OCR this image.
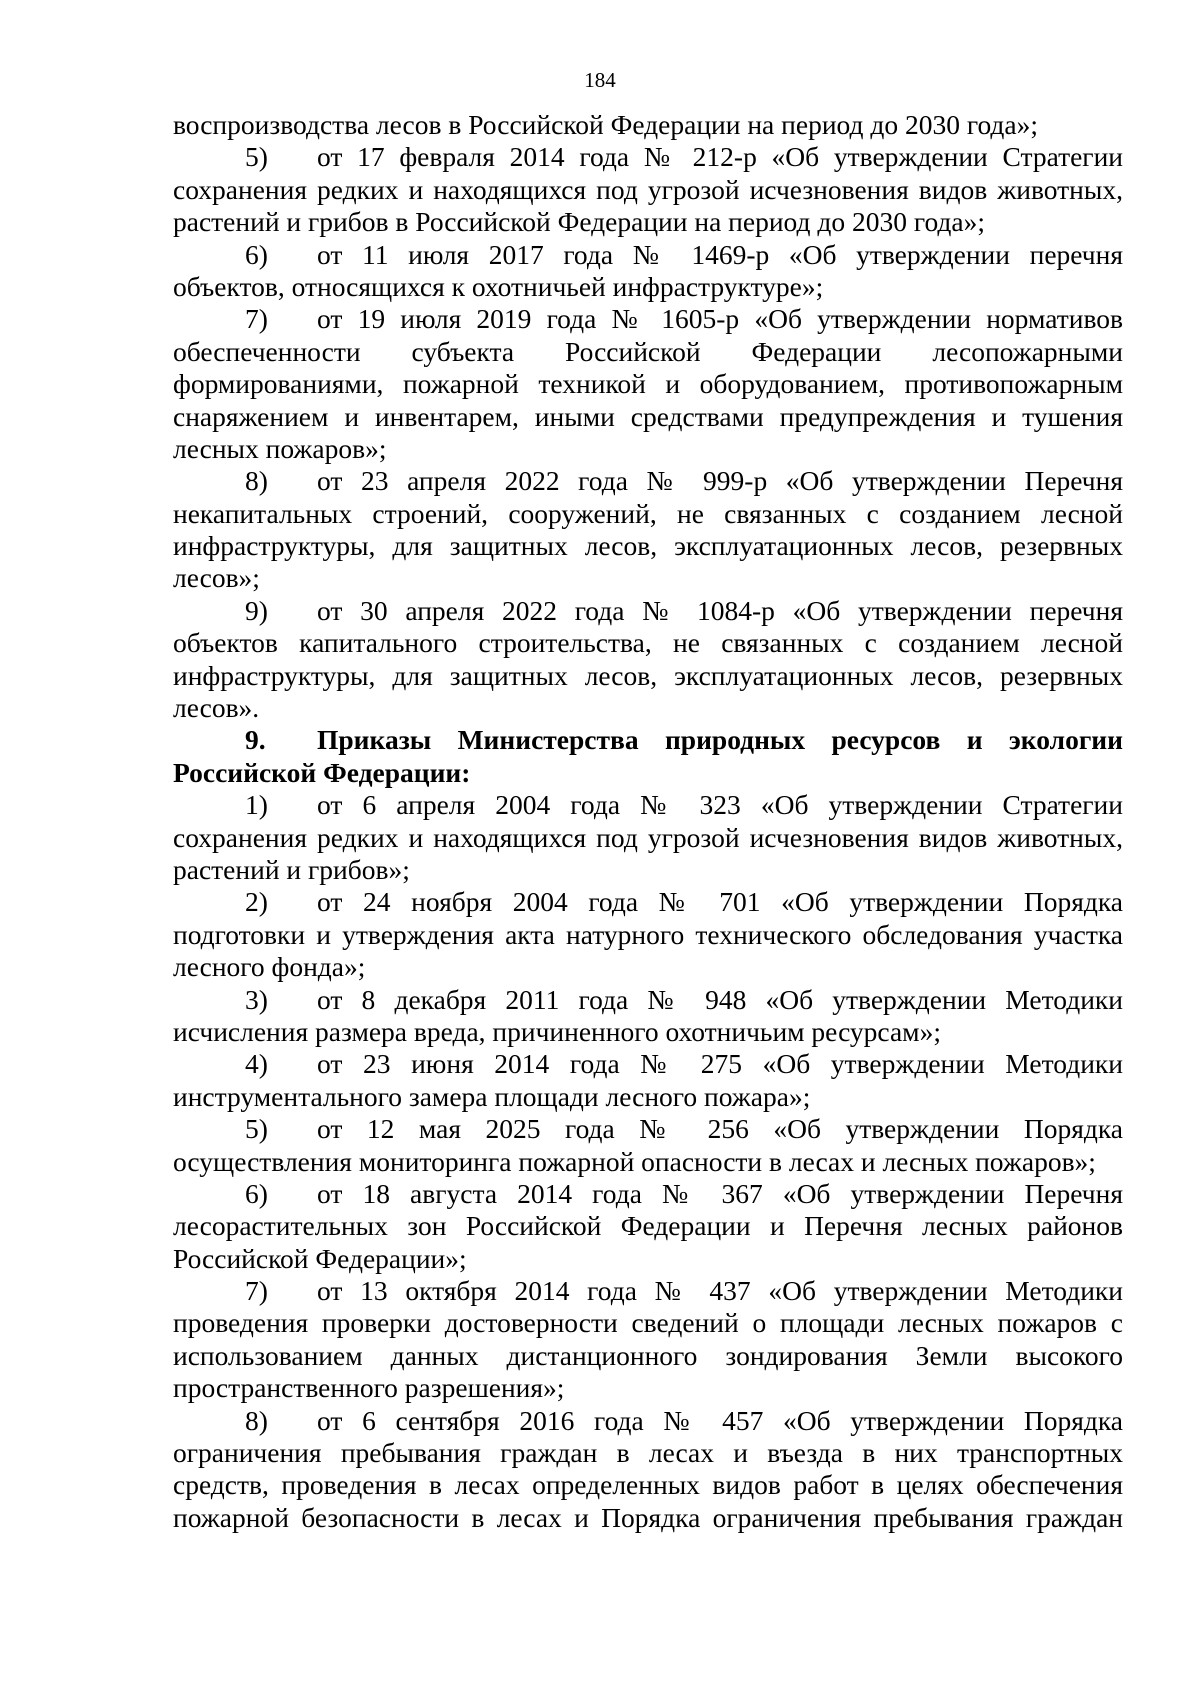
184
воспроизводства лесов в Российской Федерации на период до 2030 года»;
5) от 17 февраля 2014 года № 212-р «Об утверждении Стратегии
сохранения редких и находящихся под угрозой исчезновения видов животных,
растений и грибов в Российской Федерации на период до 2030 года»;
6) от 11 июля 2017 года № 1469-р «Об утверждении перечня
объектов, относящихся к охотничьей инфраструктуре»;
7) от 19 июля 2019 года № 1605-р «Об утверждении нормативов
обеспеченности субъекта Российской Федерации лесопожарными
формированиями, пожарной техникой и оборудованием, противопожарным
снаряжением и инвентарем, иными средствами предупреждения и тушения
лесных пожаров»;
8) от 23 апреля 2022 года № 999-р «Об утверждении Перечня
некапитальных строений, сооружений, не связанных с созданием лесной
инфраструктуры, для защитных лесов, эксплуатационных лесов, резервных
лесов»;
9) от 30 апреля 2022 года № 1084-р «Об утверждении перечня
объектов капитального строительства, не связанных с созданием лесной
инфраструктуры, для защитных лесов, эксплуатационных лесов, резервных
лесов».
9. Приказы Министерства природных ресурсов и экологии
Российской Федерации:
1) от 6 апреля 2004 года № 323 «Об утверждении Стратегии
сохранения редких и находящихся под угрозой исчезновения видов животных,
растений и грибов»;
2) от 24 ноября 2004 года № 701 «Об утверждении Порядка
подготовки и утверждения акта натурного технического обследования участка
лесного фонда»;
3) от 8 декабря 2011 года № 948 «Об утверждении Методики
исчисления размера вреда, причиненного охотничьим ресурсам»;
4) от 23 июня 2014 года № 275 «Об утверждении Методики
инструментального замера площади лесного пожара»;
5) от 12 мая 2025 года № 256 «Об утверждении Порядка
осуществления мониторинга пожарной опасности в лесах и лесных пожаров»;
6) от 18 августа 2014 года № 367 «Об утверждении Перечня
лесорастительных зон Российской Федерации и Перечня лесных районов
Российской Федерации»;
7) от 13 октября 2014 года № 437 «Об утверждении Методики
проведения проверки достоверности сведений о площади лесных пожаров с
использованием данных дистанционного зондирования Земли высокого
пространственного разрешения»;
8) от 6 сентября 2016 года № 457 «Об утверждении Порядка
ограничения пребывания граждан в лесах и въезда в них транспортных
средств, проведения в лесах определенных видов работ в целях обеспечения
пожарной безопасности в лесах и Порядка ограничения пребывания граждан
